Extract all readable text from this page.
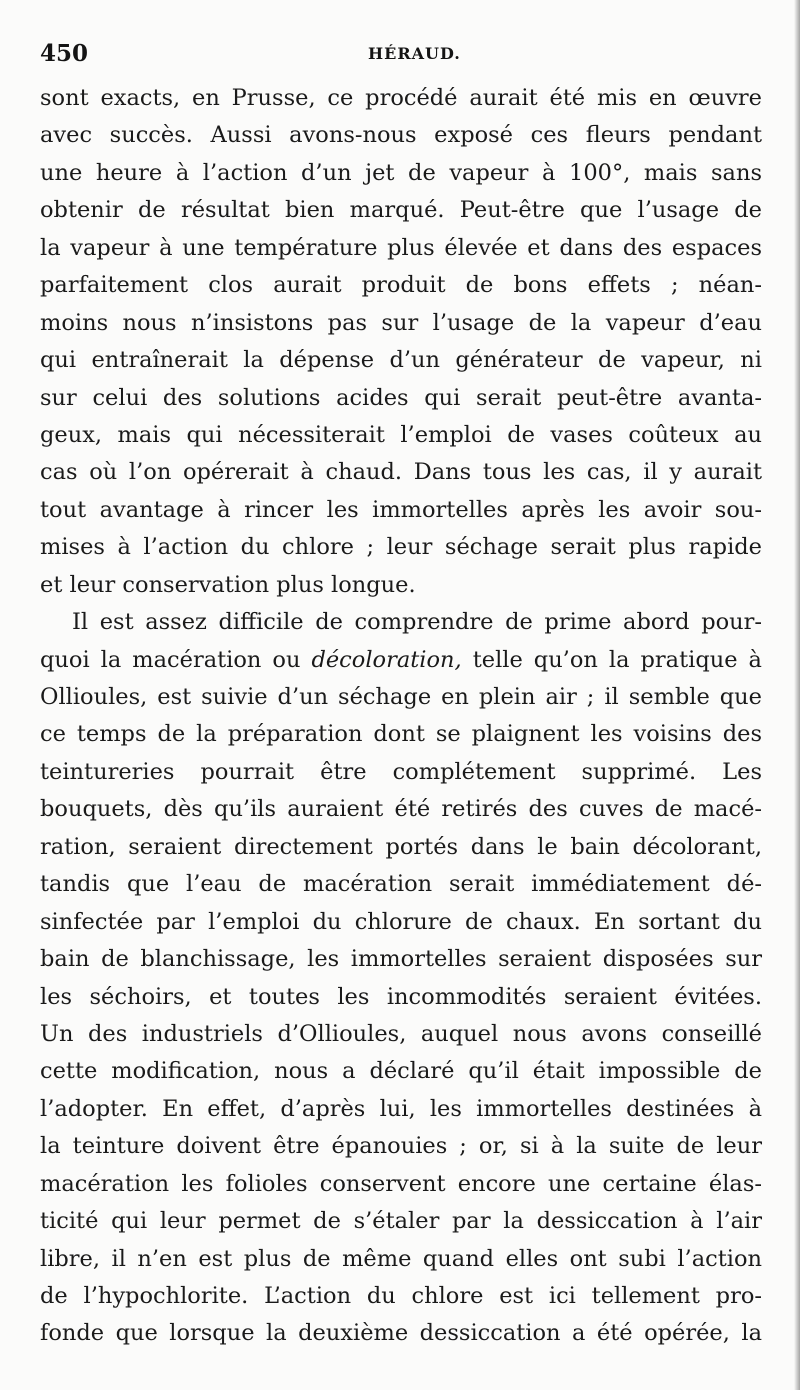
450	HÉRAUD.
sont exacts, en Prusse, ce procédé aurait été mis en œuvre
avec succès. Aussi avons-nous exposé ces fleurs pendant
une heure à l’action d’un jet de vapeur à 100°, mais sans
obtenir de résultat bien marqué. Peut-être que l’usage de
la vapeur à une température plus élevée et dans des espaces
parfaitement clos aurait produit de bons effets ; néan-
moins nous n’insistons pas sur l’usage de la vapeur d’eau
qui entraînerait la dépense d’un générateur de vapeur, ni
sur celui des solutions acides qui serait peut-être avanta-
geux, mais qui nécessiterait l’emploi de vases coûteux au
cas où l’on opérerait à chaud. Dans tous les cas, il y aurait
tout avantage à rincer les immortelles après les avoir sou-
mises à l’action du chlore ; leur séchage serait plus rapide
et leur conservation plus longue.
Il est assez difficile de comprendre de prime abord pour-
quoi la macération ou décoloration, telle qu’on la pratique à
Ollioules, est suivie d’un séchage en plein air ; il semble que
ce temps de la préparation dont se plaignent les voisins des
teintureries pourrait être complétement supprimé. Les
bouquets, dès qu’ils auraient été retirés des cuves de macé-
ration, seraient directement portés dans le bain décolorant,
tandis que l’eau de macération serait immédiatement dé-
sinfectée par l’emploi du chlorure de chaux. En sortant du
bain de blanchissage, les immortelles seraient disposées sur
les séchoirs, et toutes les incommodités seraient évitées.
Un des industriels d’Ollioules, auquel nous avons conseillé
cette modification, nous a déclaré qu’il était impossible de
l’adopter. En effet, d’après lui, les immortelles destinées à
la teinture doivent être épanouies ; or, si à la suite de leur
macération les folioles conservent encore une certaine élas-
ticité qui leur permet de s’étaler par la dessiccation à l’air
libre, il n’en est plus de même quand elles ont subi l’action
de l’hypochlorite. L’action du chlore est ici tellement pro-
fonde que lorsque la deuxième dessiccation a été opérée, la
